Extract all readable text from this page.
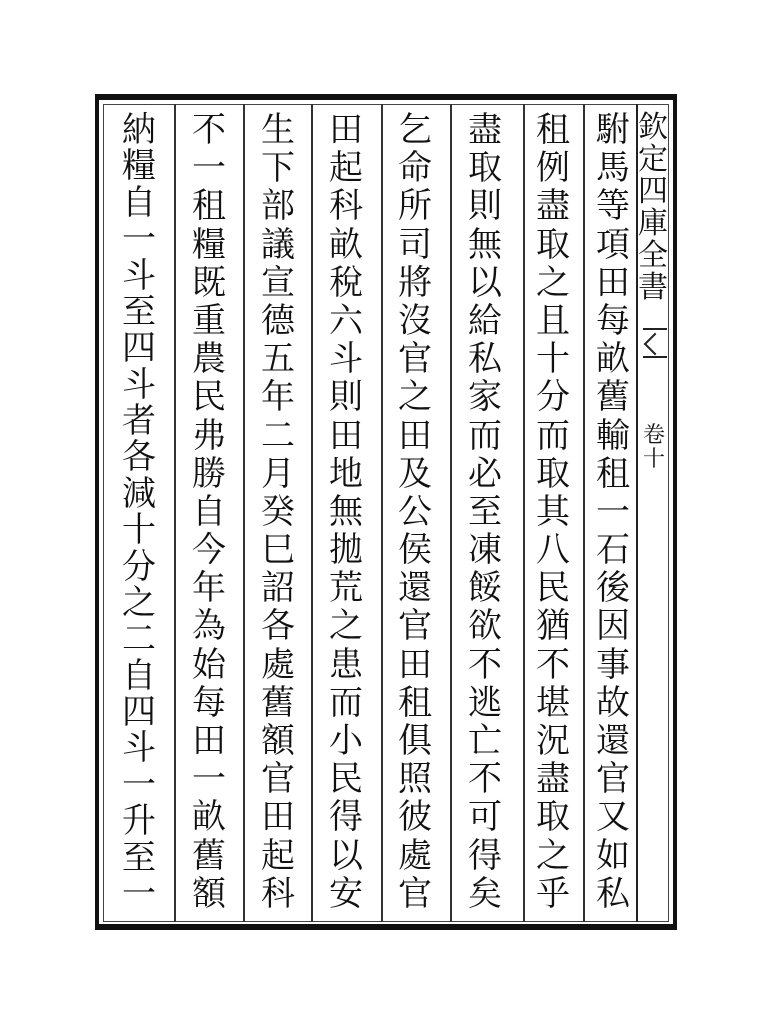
欽
定
四
庫
全
書
卷
十
駙
馬
等
項
田
每
畝
舊
輸
租
一
石
後
因
事
故
還
官
又
如
私
租
例
盡
取
之
且
十
分
而
取
其
八
民
猶
不
堪
況
盡
取
之
乎
盡
取
則
無
以
給
私
家
而
必
至
凍
餒
欲
不
逃
亡
不
可
得
矣
乞
命
所
司
將
沒
官
之
田
及
公
侯
還
官
田
租
俱
照
彼
處
官
田
起
科
畝
稅
六
斗
則
田
地
無
拋
荒
之
患
而
小
民
得
以
安
生
下
部
議
宣
德
五
年
二
月
癸
巳
詔
各
處
舊
額
官
田
起
科
不
一
租
糧
既
重
農
民
弗
勝
自
今
年
為
始
每
田
一
畝
舊
額
納
糧
自
一
斗
至
四
斗
者
各
減
十
分
之
二
自
四
斗
一
升
至
一
